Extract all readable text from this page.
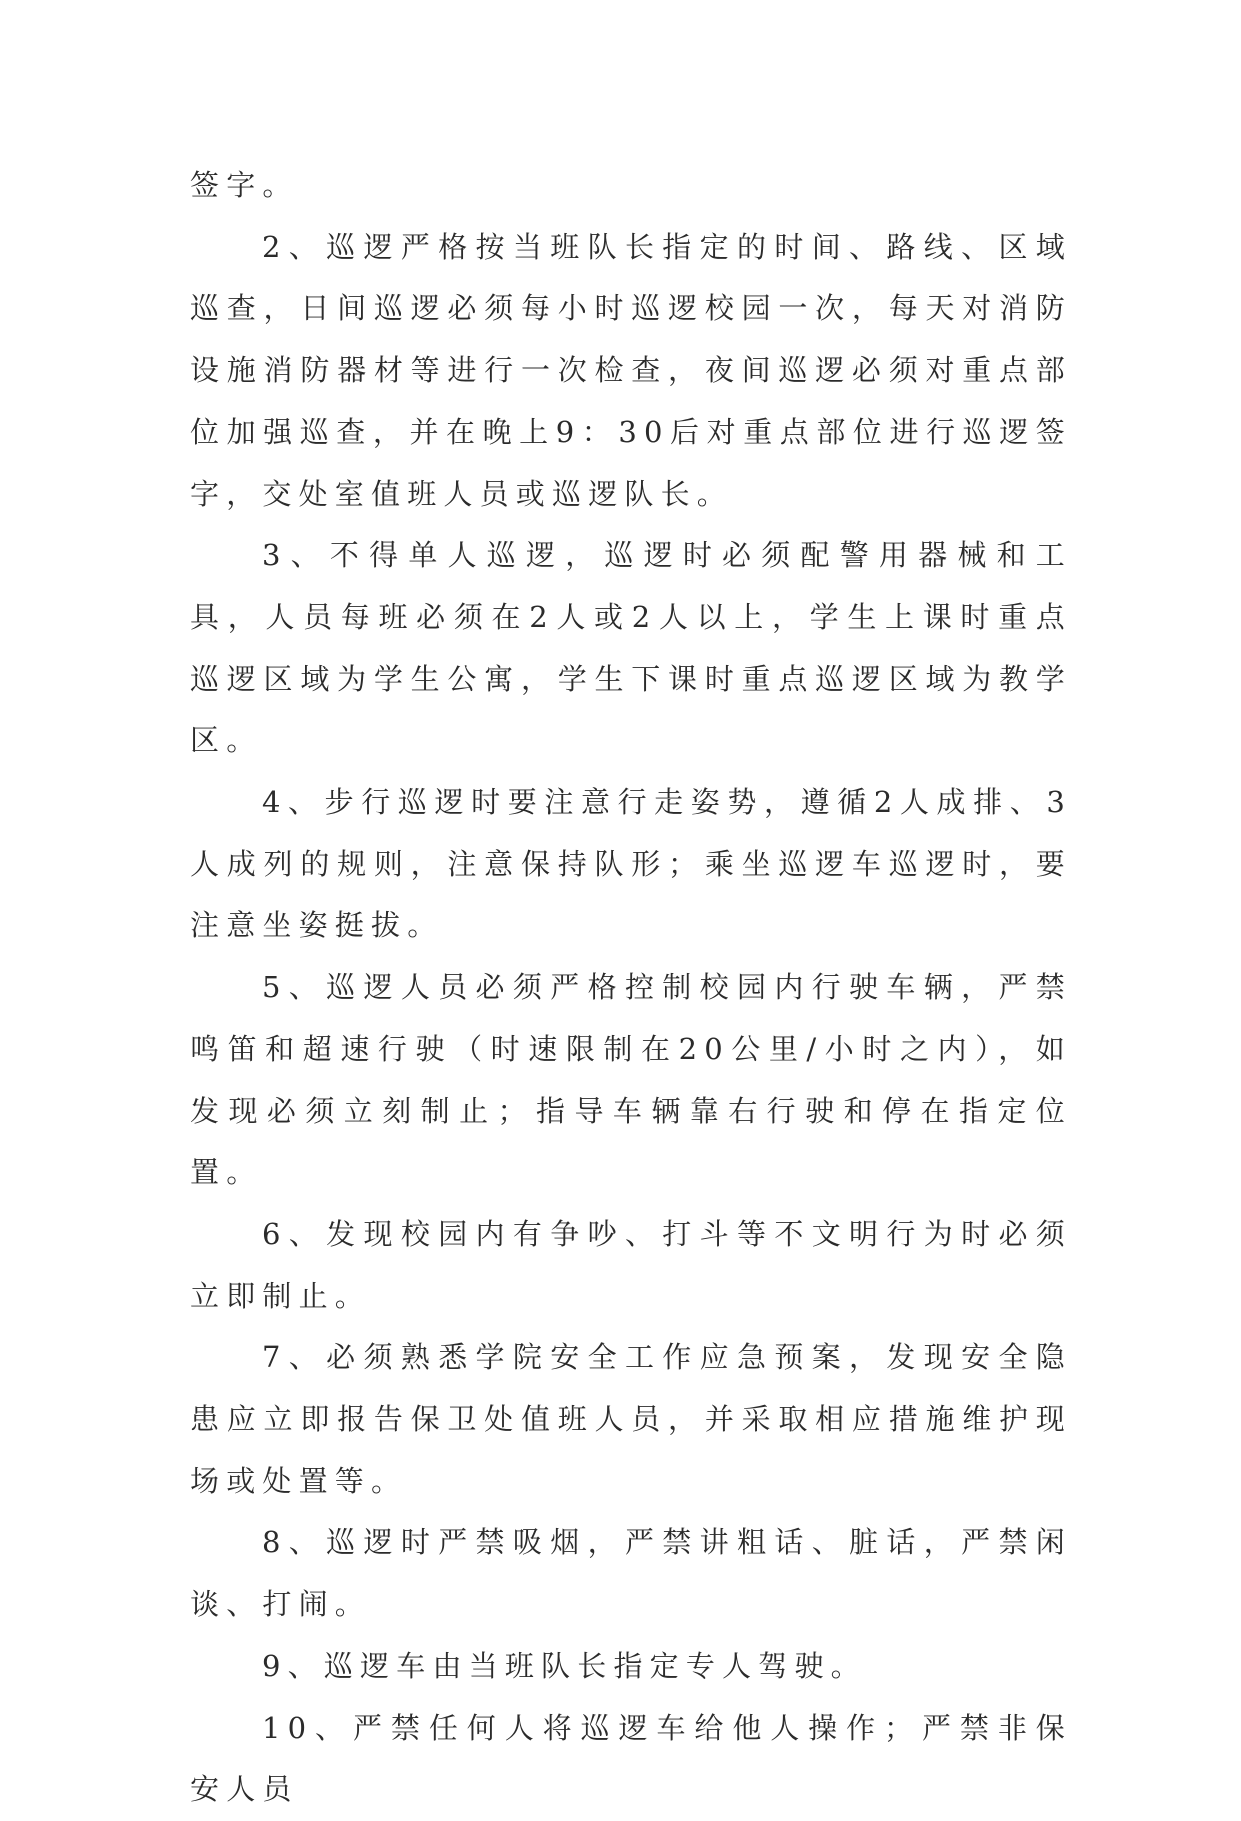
签字。

2、巡逻严格按当班队长指定的时间、路线、区域巡查，日间巡逻必须每小时巡逻校园一次，每天对消防设施消防器材等进行一次检查，夜间巡逻必须对重点部位加强巡查，并在晚上9：30后对重点部位进行巡逻签字，交处室值班人员或巡逻队长。

3、不得单人巡逻，巡逻时必须配警用器械和工具，人员每班必须在2人或2人以上，学生上课时重点巡逻区域为学生公寓，学生下课时重点巡逻区域为教学区。

4、步行巡逻时要注意行走姿势，遵循2人成排、3人成列的规则，注意保持队形；乘坐巡逻车巡逻时，要注意坐姿挺拔。

5、巡逻人员必须严格控制校园内行驶车辆，严禁鸣笛和超速行驶（时速限制在20公里/小时之内），如发现必须立刻制止；指导车辆靠右行驶和停在指定位置。

6、发现校园内有争吵、打斗等不文明行为时必须立即制止。

7、必须熟悉学院安全工作应急预案，发现安全隐患应立即报告保卫处值班人员，并采取相应措施维护现场或处置等。

8、巡逻时严禁吸烟，严禁讲粗话、脏话，严禁闲谈、打闹。

9、巡逻车由当班队长指定专人驾驶。

10、严禁任何人将巡逻车给他人操作；严禁非保安人员
